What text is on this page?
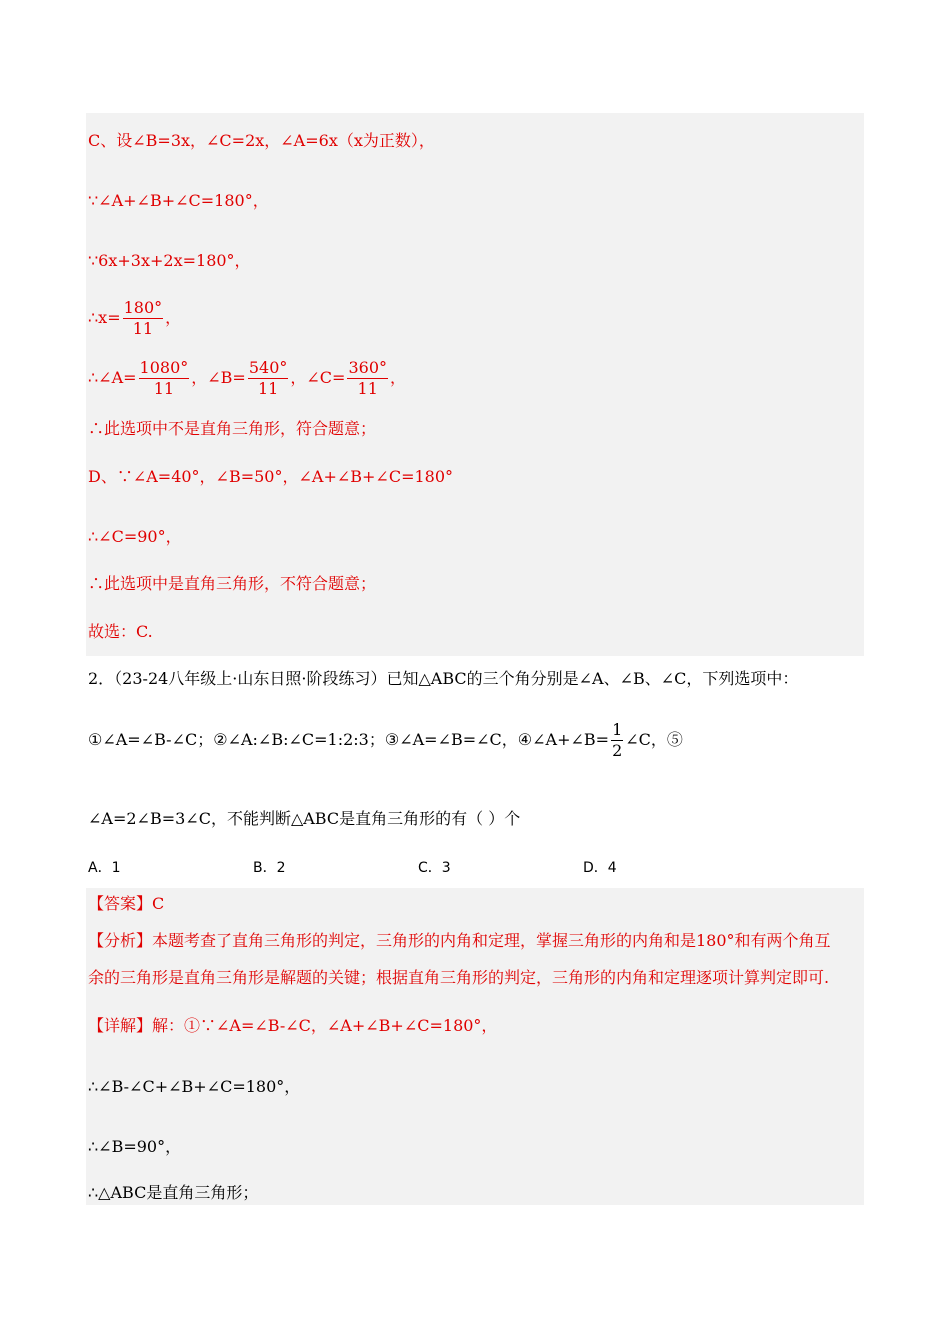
C、设∠B=3x，∠C=2x，∠A=6x（x为正数），
∵∠A+∠B+∠C=180°，
∵6x+3x+2x=180°，
∴x= $\frac{180^\circ}{11}$ ，
∴∠A= $\frac{1080^\circ}{11}$ ，∠B= $\frac{540^\circ}{11}$ ，∠C= $\frac{360^\circ}{11}$ ，
∴此选项中不是直角三角形，符合题意；
D、∵∠A=40°，∠B=50°，∠A+∠B+∠C=180°
∴∠C=90°，
∴此选项中是直角三角形，不符合题意；
故选：C.
2．（23-24八年级上·山东日照·阶段练习）已知△ABC的三个角分别是∠A、∠B、∠C，下列选项中：
①∠A=∠B-∠C；②∠A:∠B:∠C=1:2:3；③∠A=∠B=∠C，④∠A+∠B= $\frac{1}{2}$ ∠C，⑤
∠A=2∠B=3∠C，不能判断△ABC是直角三角形的有（ ）个
A．1	B．2	C．3	D．4
【答案】C
【分析】本题考查了直角三角形的判定，三角形的内角和定理，掌握三角形的内角和是180°和有两个角互
余的三角形是直角三角形是解题的关键；根据直角三角形的判定，三角形的内角和定理逐项计算判定即可.
【详解】解：①∵∠A=∠B-∠C，∠A+∠B+∠C=180°，
∴∠B-∠C+∠B+∠C=180°，
∴∠B=90°，
∴△ABC是直角三角形；
